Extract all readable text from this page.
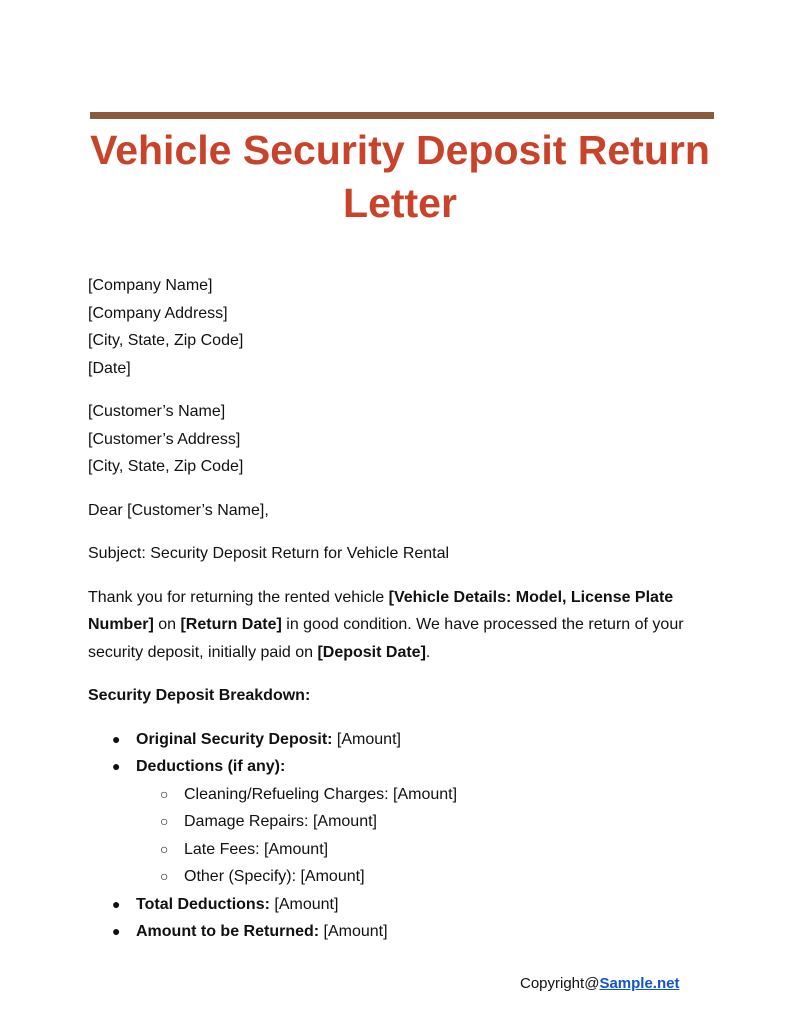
Vehicle Security Deposit Return Letter
[Company Name]
[Company Address]
[City, State, Zip Code]
[Date]
[Customer’s Name]
[Customer’s Address]
[City, State, Zip Code]

Dear [Customer’s Name],

Subject: Security Deposit Return for Vehicle Rental

Thank you for returning the rented vehicle [Vehicle Details: Model, License Plate Number] on [Return Date] in good condition. We have processed the return of your security deposit, initially paid on [Deposit Date].

Security Deposit Breakdown:
● Original Security Deposit: [Amount]
● Deductions (if any):
○ Cleaning/Refueling Charges: [Amount]
○ Damage Repairs: [Amount]
○ Late Fees: [Amount]
○ Other (Specify): [Amount]
● Total Deductions: [Amount]
● Amount to be Returned: [Amount]
Copyright@Sample.net
